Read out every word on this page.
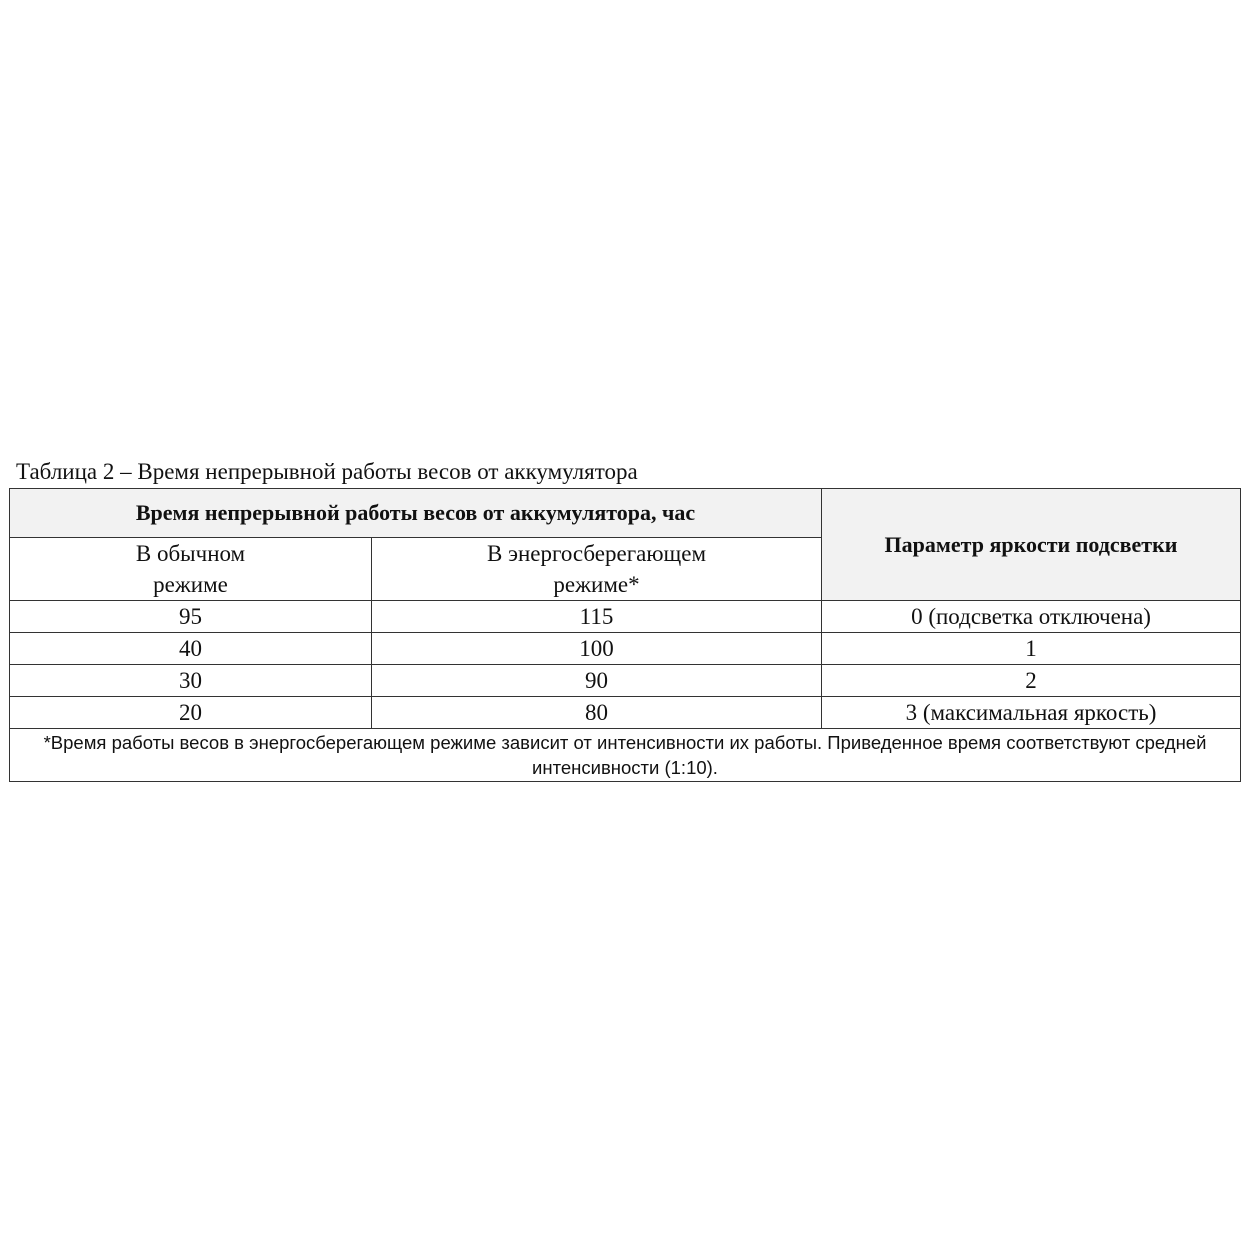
Таблица 2 – Время непрерывной работы весов от аккумулятора
Время непрерывной работы весов от аккумулятора, час		Параметр яркости подсветки
В обычном режиме	В энергосберегающем режиме*	
95	115	0 (подсветка отключена)
40	100	1
30	90	2
20	80	3 (максимальная яркость)
*Время работы весов в энергосберегающем режиме зависит от интенсивности их работы. Приведенное время соответствуют средней интенсивности (1:10).		
